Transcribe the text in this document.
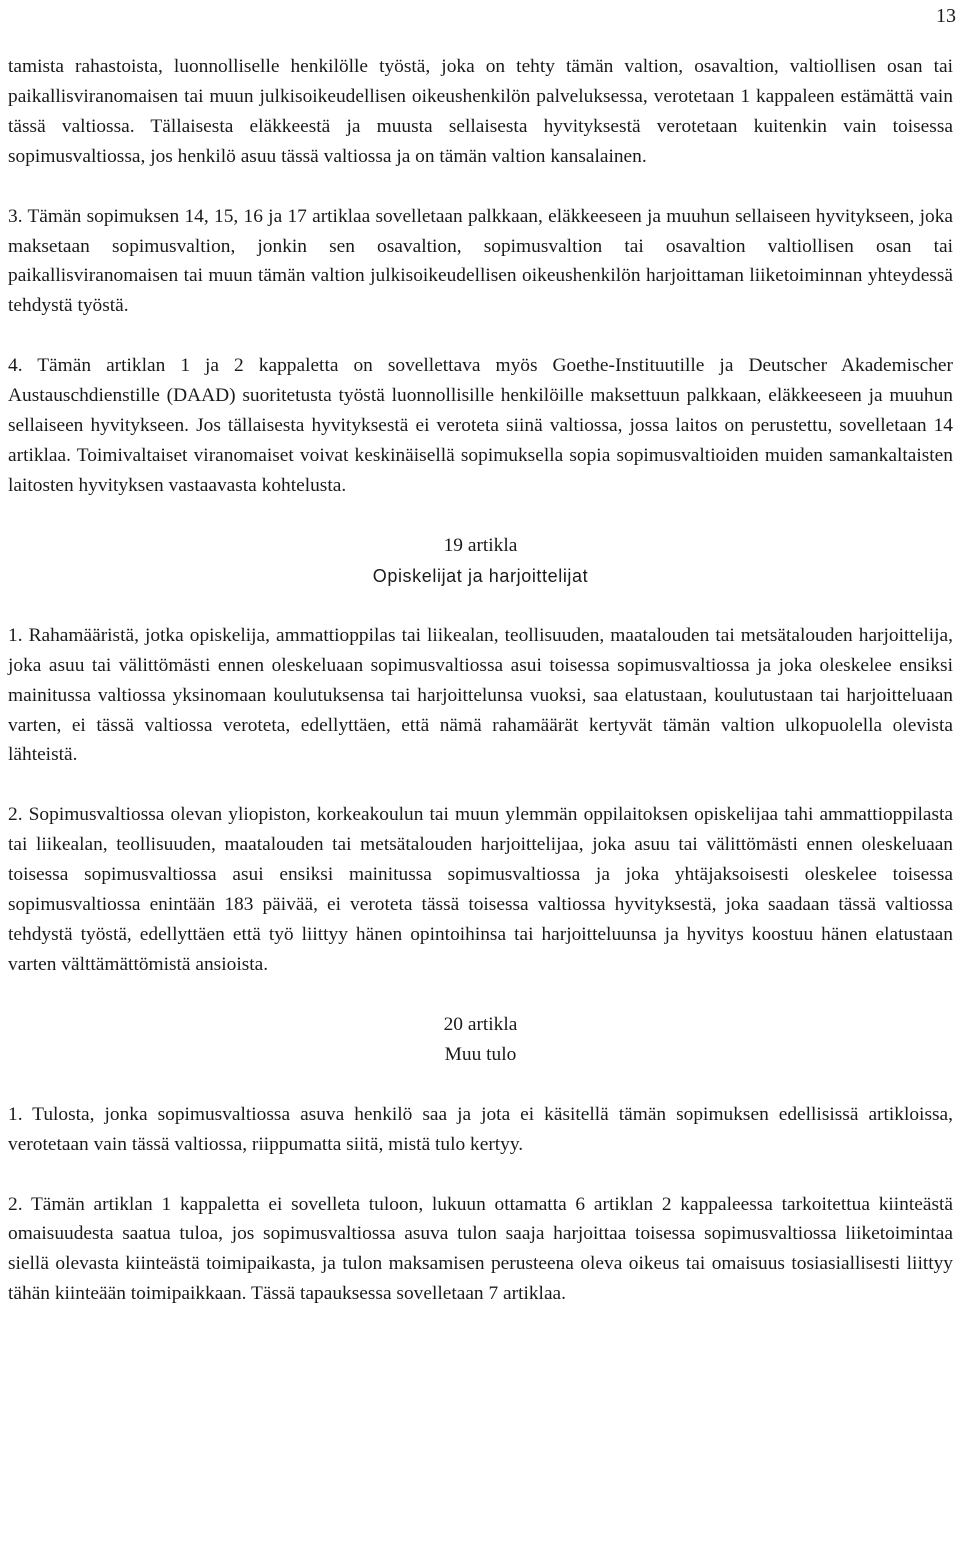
13

tamista rahastoista, luonnolliselle henkilölle työstä, joka on tehty tämän valtion, osavaltion, valtiollisen osan tai paikallisviranomaisen tai muun julkisoikeudellisen oikeushenkilön palveluksessa, verotetaan 1 kappaleen estämättä vain tässä valtiossa. Tällaisesta eläkkeestä ja muusta sellaisesta hyvityksestä verotetaan kuitenkin vain toisessa sopimusvaltiossa, jos henkilö asuu tässä valtiossa ja on tämän valtion kansalainen.

3. Tämän sopimuksen 14, 15, 16 ja 17 artiklaa sovelletaan palkkaan, eläkkeeseen ja muuhun sellaiseen hyvitykseen, joka maksetaan sopimusvaltion, jonkin sen osavaltion, sopimusvaltion tai osavaltion valtiollisen osan tai paikallisviranomaisen tai muun tämän valtion julkisoikeudellisen oikeushenkilön harjoittaman liiketoiminnan yhteydessä tehdystä työstä.

4. Tämän artiklan 1 ja 2 kappaletta on sovellettava myös Goethe-Instituutille ja Deutscher Akademischer Austauschdienstille (DAAD) suoritetusta työstä luonnollisille henkilöille maksettuun palkkaan, eläkkeeseen ja muuhun sellaiseen hyvitykseen. Jos tällaisesta hyvityksestä ei veroteta siinä valtiossa, jossa laitos on perustettu, sovelletaan 14 artiklaa. Toimivaltaiset viranomaiset voivat keskinäisellä sopimuksella sopia sopimusvaltioiden muiden samankaltaisten laitosten hyvityksen vastaavasta kohtelusta.

19 artikla

Opiskelijat ja harjoittelijat

1. Rahamääristä, jotka opiskelija, ammattioppilas tai liikealan, teollisuuden, maatalouden tai metsätalouden harjoittelija, joka asuu tai välittömästi ennen oleskeluaan sopimusvaltiossa asui toisessa sopimusvaltiossa ja joka oleskelee ensiksi mainitussa valtiossa yksinomaan koulutuksensa tai harjoittelunsa vuoksi, saa elatustaan, koulutustaan tai harjoitteluaan varten, ei tässä valtiossa veroteta, edellyttäen, että nämä rahamäärät kertyvät tämän valtion ulkopuolella olevista lähteistä.

2. Sopimusvaltiossa olevan yliopiston, korkeakoulun tai muun ylemmän oppilaitoksen opiskelijaa tahi ammattioppilasta tai liikealan, teollisuuden, maatalouden tai metsätalouden harjoittelijaa, joka asuu tai välittömästi ennen oleskeluaan toisessa sopimusvaltiossa asui ensiksi mainitussa sopimusvaltiossa ja joka yhtäjaksoisesti oleskelee toisessa sopimusvaltiossa enintään 183 päivää, ei veroteta tässä toisessa valtiossa hyvityksestä, joka saadaan tässä valtiossa tehdystä työstä, edellyttäen että työ liittyy hänen opintoihinsa tai harjoitteluunsa ja hyvitys koostuu hänen elatustaan varten välttämättömistä ansioista.

20 artikla

Muu tulo

1. Tulosta, jonka sopimusvaltiossa asuva henkilö saa ja jota ei käsitellä tämän sopimuksen edellisissä artikloissa, verotetaan vain tässä valtiossa, riippumatta siitä, mistä tulo kertyy.

2. Tämän artiklan 1 kappaletta ei sovelleta tuloon, lukuun ottamatta 6 artiklan 2 kappaleessa tarkoitettua kiinteästä omaisuudesta saatua tuloa, jos sopimusvaltiossa asuva tulon saaja harjoittaa toisessa sopimusvaltiossa liiketoimintaa siellä olevasta kiinteästä toimipaikasta, ja tulon maksamisen perusteena oleva oikeus tai omaisuus tosiasiallisesti liittyy tähän kiinteään toimipaikkaan. Tässä tapauksessa sovelletaan 7 artiklaa.
